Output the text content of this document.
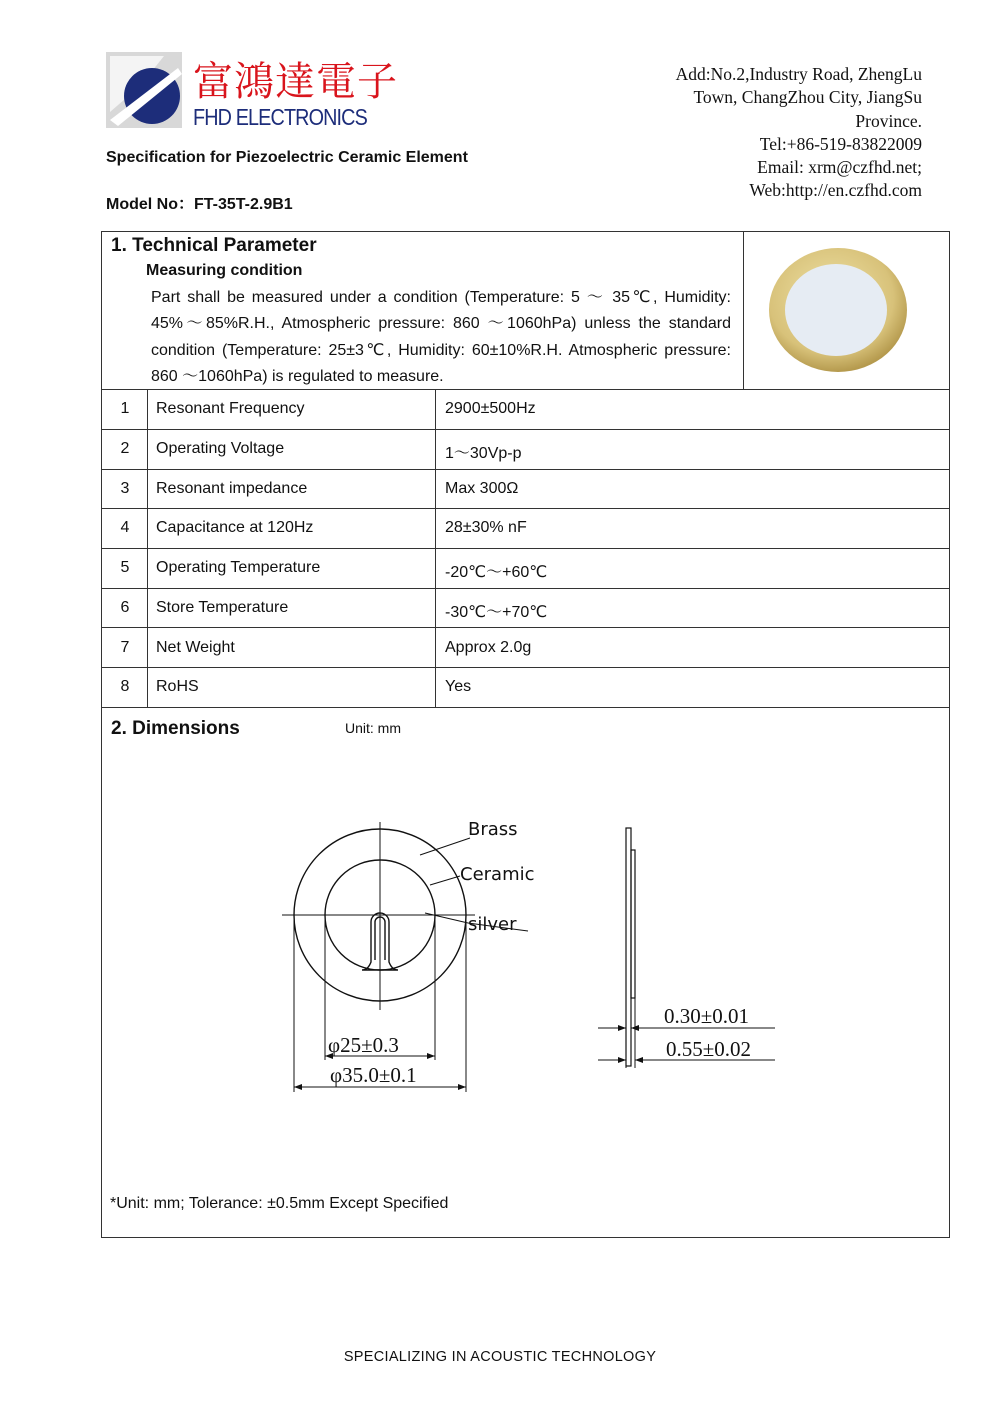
富鴻達電子
FHD ELECTRONICS
Specification for Piezoelectric Ceramic Element
Model No：FT-35T-2.9B1
Add:No.2,Industry Road, ZhengLu
Town, ChangZhou City, JiangSu
Province.
Tel:+86-519-83822009
Email: xrm@czfhd.net;
Web:http://en.czfhd.com
1. Technical Parameter
Measuring condition
Part shall be measured under a condition (Temperature: 5 ～ 35℃, Humidity: 45%～85%R.H., Atmospheric pressure: 860 ～1060hPa) unless the standard condition (Temperature: 25±3℃, Humidity: 60±10%R.H. Atmospheric pressure: 860 ～1060hPa) is regulated to measure.
1	Resonant Frequency	2900±500Hz
2	Operating Voltage	1～30Vp-p
3	Resonant impedance	Max 300Ω
4	Capacitance at 120Hz	28±30% nF
5	Operating Temperature	-20℃～+60℃
6	Store Temperature	-30℃～+70℃
7	Net Weight	Approx 2.0g
8	RoHS	Yes
2. Dimensions	Unit: mm
Brass
Ceramic
silver
φ25±0.3
φ35.0±0.1
0.30±0.01
0.55±0.02
*Unit: mm; Tolerance: ±0.5mm Except Specified
SPECIALIZING IN ACOUSTIC TECHNOLOGY
